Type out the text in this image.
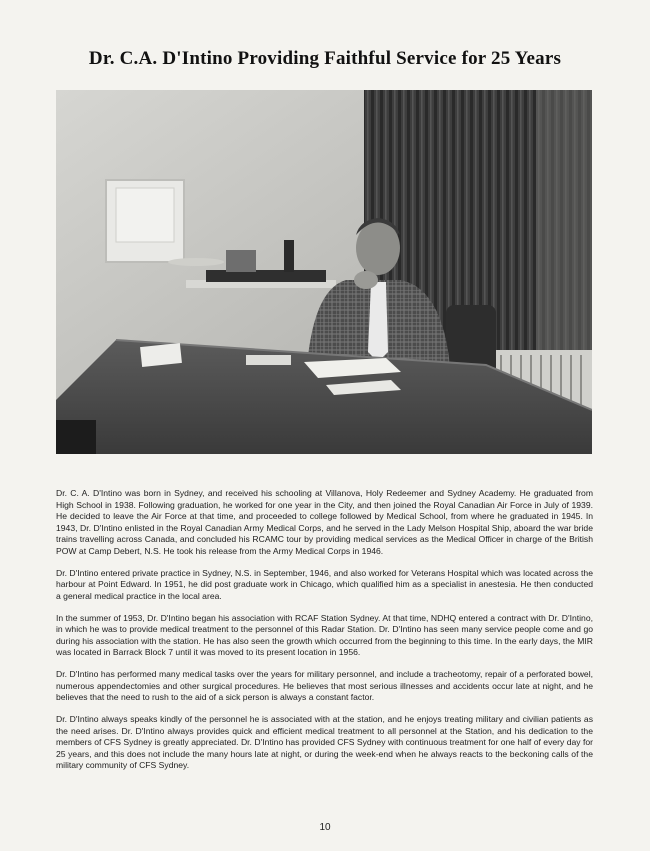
Dr. C.A. D'Intino Providing Faithful Service for 25 Years

Dr. C. A. D'Intino was born in Sydney, and received his schooling at Villanova, Holy Redeemer and Sydney Academy. He graduated from High School in 1938. Following graduation, he worked for one year in the City, and then joined the Royal Canadian Air Force in July of 1939. He decided to leave the Air Force at that time, and proceeded to college followed by Medical School, from where he graduated in 1945. In 1943, Dr. D'Intino enlisted in the Royal Canadian Army Medical Corps, and he served in the Lady Melson Hospital Ship, aboard the war bride trains travelling across Canada, and concluded his RCAMC tour by providing medical services as the Medical Officer in charge of the British POW at Camp Debert, N.S. He took his release from the Army Medical Corps in 1946.

Dr. D'Intino entered private practice in Sydney, N.S. in September, 1946, and also worked for Veterans Hospital which was located across the harbour at Point Edward. In 1951, he did post graduate work in Chicago, which qualified him as a specialist in anestesia. He then conducted a general medical practice in the local area.

In the summer of 1953, Dr. D'Intino began his association with RCAF Station Sydney. At that time, NDHQ entered a contract with Dr. D'Intino, in which he was to provide medical treatment to the personnel of this Radar Station. Dr. D'Intino has seen many service people come and go during his association with the station. He has also seen the growth which occurred from the beginning to this time. In the early days, the MIR was located in Barrack Block 7 until it was moved to its present location in 1956.

Dr. D'Intino has performed many medical tasks over the years for military personnel, and include a tracheotomy, repair of a perforated bowel, numerous appendectomies and other surgical procedures. He believes that most serious illnesses and accidents occur late at night, and he believes that the need to rush to the aid of a sick person is always a constant factor.

Dr. D'Intino always speaks kindly of the personnel he is associated with at the station, and he enjoys treating military and civilian patients as the need arises. Dr. D'Intino always provides quick and efficient medical treatment to all personnel at the Station, and his dedication to the members of CFS Sydney is greatly appreciated. Dr. D'Intino has provided CFS Sydney with continuous treatment for one half of every day for 25 years, and this does not include the many hours late at night, or during the week-end when he always reacts to the beckoning calls of the military community of CFS Sydney.

10
